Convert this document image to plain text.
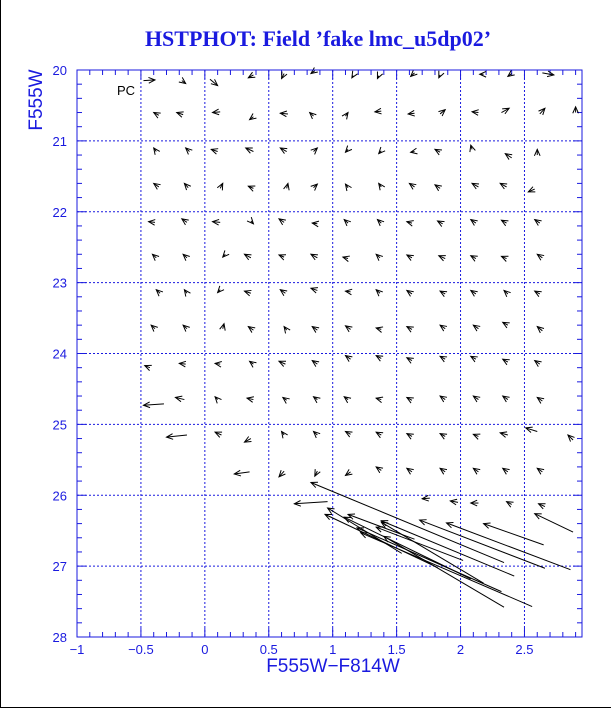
HSTPHOT: Field ’fake lmc_u5dp02’
F555W
F555W−F814W
PC
−1	−0.5	0	0.5	1	1.5	2	2.5
20
21
22
23
24
25
26
27
28
